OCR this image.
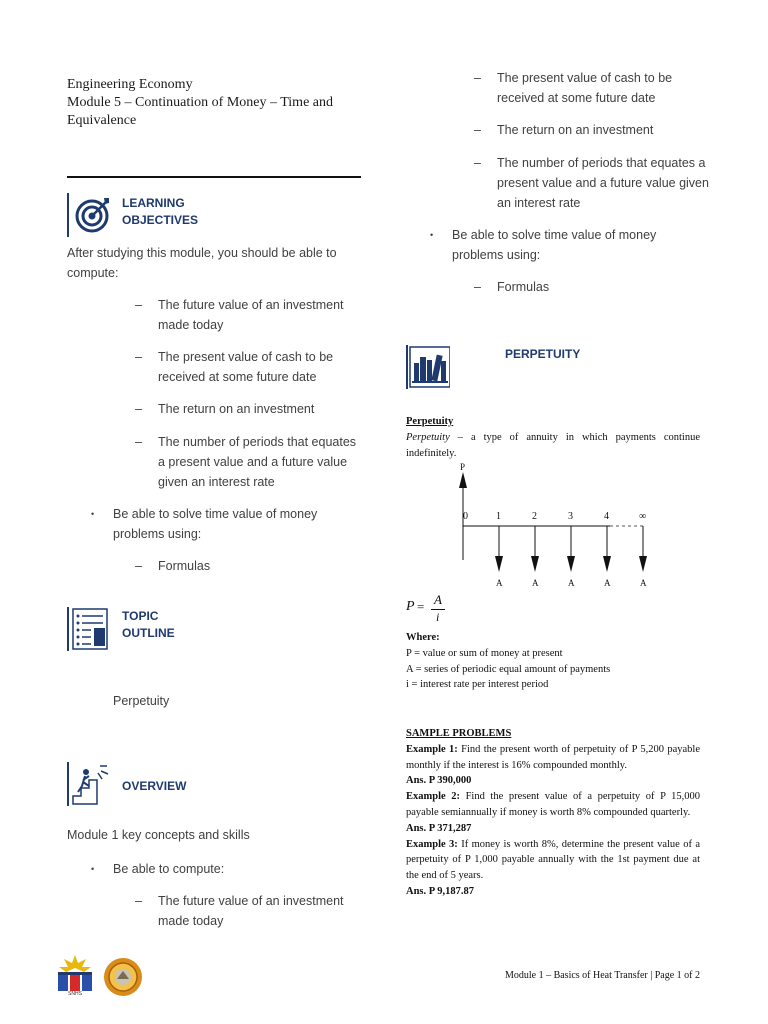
Engineering Economy
Module 5 – Continuation of Money – Time and Equivalence
LEARNING
OBJECTIVES
After studying this module, you should be able to compute:
– The future value of an investment made today
– The present value of cash to be received at some future date
– The return on an investment
– The number of periods that equates a present value and a future value given an interest rate
• Be able to solve time value of money problems using:
– Formulas
TOPIC
OUTLINE
Perpetuity
OVERVIEW
Module 1 key concepts and skills
• Be able to compute:
– The future value of an investment made today
SNHS
– The present value of cash to be received at some future date
– The return on an investment
– The number of periods that equates a present value and a future value given an interest rate
• Be able to solve time value of money problems using:
– Formulas
PERPETUITY
Perpetuity
Perpetuity – a type of annuity in which payments continue indefinitely.
P
0	1	2	3	4	∞
A	A	A	A	A
P = A
i
Where:
P = value or sum of money at present
A = series of periodic equal amount of payments
i = interest rate per interest period
SAMPLE PROBLEMS
Example 1: Find the present worth of perpetuity of P 5,200 payable monthly if the interest is 16% compounded monthly.
Ans. P 390,000
Example 2: Find the present value of a perpetuity of P 15,000 payable semiannually if money is worth 8% compounded quarterly.
Ans. P 371,287
Example 3: If money is worth 8%, determine the present value of a perpetuity of P 1,000 payable annually with the 1st payment due at the end of 5 years.
Ans. P 9,187.87
Module 1 – Basics of Heat Transfer | Page 1 of 2
